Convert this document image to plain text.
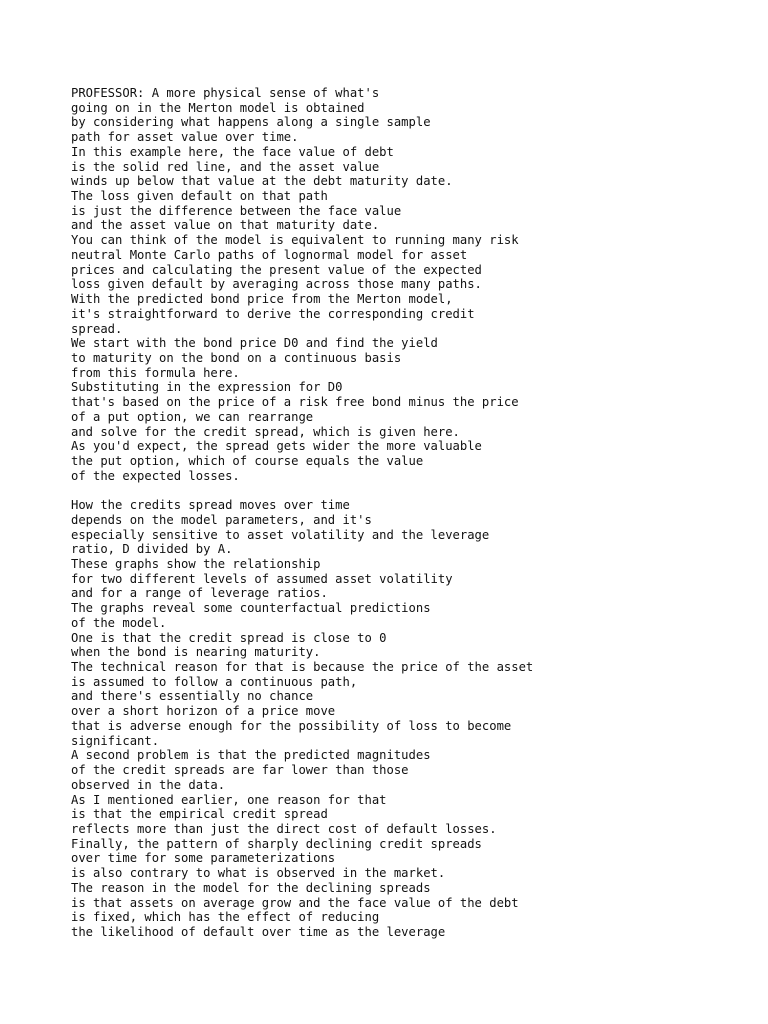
PROFESSOR: A more physical sense of what's
going on in the Merton model is obtained
by considering what happens along a single sample
path for asset value over time.
In this example here, the face value of debt
is the solid red line, and the asset value
winds up below that value at the debt maturity date.
The loss given default on that path
is just the difference between the face value
and the asset value on that maturity date.
You can think of the model is equivalent to running many risk
neutral Monte Carlo paths of lognormal model for asset
prices and calculating the present value of the expected
loss given default by averaging across those many paths.
With the predicted bond price from the Merton model,
it's straightforward to derive the corresponding credit
spread.
We start with the bond price D0 and find the yield
to maturity on the bond on a continuous basis
from this formula here.
Substituting in the expression for D0
that's based on the price of a risk free bond minus the price
of a put option, we can rearrange
and solve for the credit spread, which is given here.
As you'd expect, the spread gets wider the more valuable
the put option, which of course equals the value
of the expected losses.
How the credits spread moves over time
depends on the model parameters, and it's
especially sensitive to asset volatility and the leverage
ratio, D divided by A.
These graphs show the relationship
for two different levels of assumed asset volatility
and for a range of leverage ratios.
The graphs reveal some counterfactual predictions
of the model.
One is that the credit spread is close to 0
when the bond is nearing maturity.
The technical reason for that is because the price of the asset
is assumed to follow a continuous path,
and there's essentially no chance
over a short horizon of a price move
that is adverse enough for the possibility of loss to become
significant.
A second problem is that the predicted magnitudes
of the credit spreads are far lower than those
observed in the data.
As I mentioned earlier, one reason for that
is that the empirical credit spread
reflects more than just the direct cost of default losses.
Finally, the pattern of sharply declining credit spreads
over time for some parameterizations
is also contrary to what is observed in the market.
The reason in the model for the declining spreads
is that assets on average grow and the face value of the debt
is fixed, which has the effect of reducing
the likelihood of default over time as the leverage
